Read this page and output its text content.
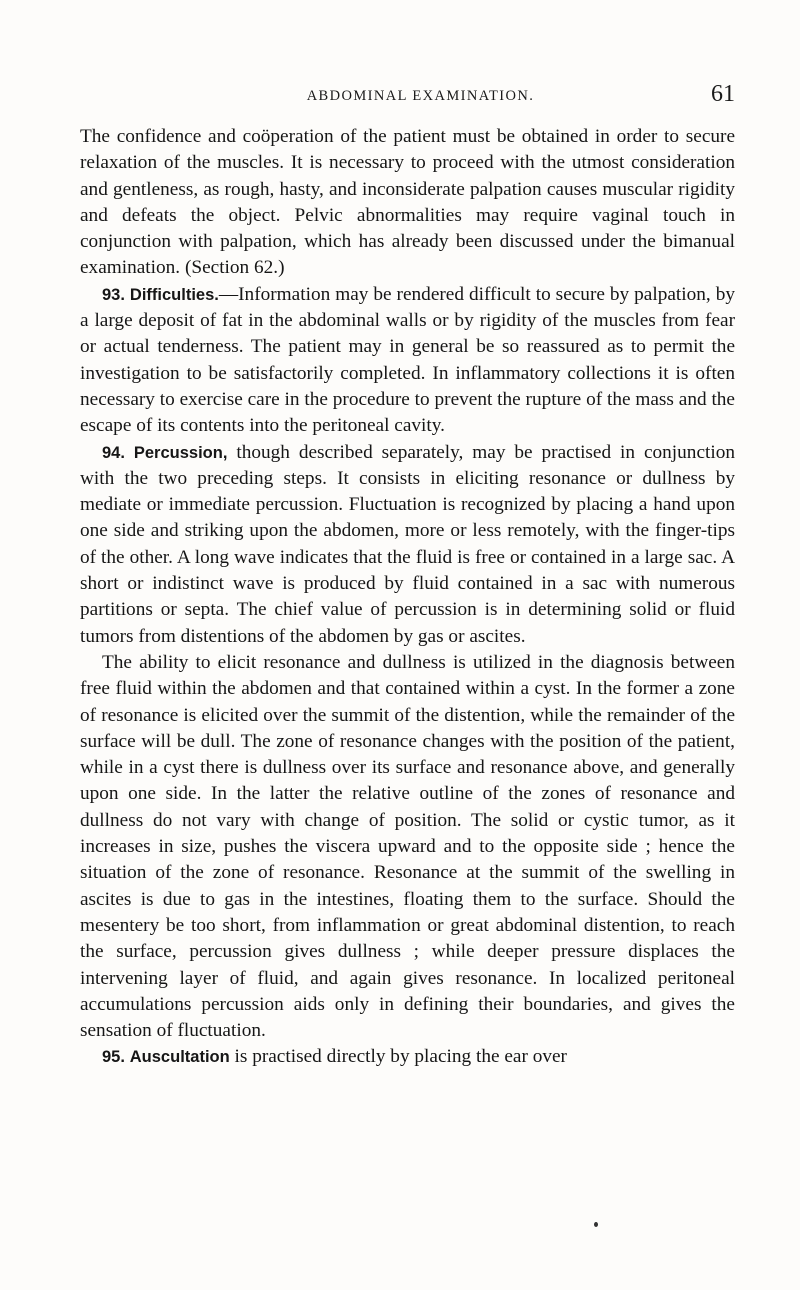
ABDOMINAL EXAMINATION.	61

The confidence and coöperation of the patient must be obtained in order to secure relaxation of the muscles. It is necessary to proceed with the utmost consideration and gentleness, as rough, hasty, and inconsiderate palpation causes muscular rigidity and defeats the object. Pelvic abnormalities may require vaginal touch in conjunction with palpation, which has already been discussed under the bimanual examination. (Section 62.)

93. Difficulties.—Information may be rendered difficult to secure by palpation, by a large deposit of fat in the abdominal walls or by rigidity of the muscles from fear or actual tenderness. The patient may in general be so reassured as to permit the investigation to be satisfactorily completed. In inflammatory collections it is often necessary to exercise care in the procedure to prevent the rupture of the mass and the escape of its contents into the peritoneal cavity.

94. Percussion, though described separately, may be practised in conjunction with the two preceding steps. It consists in eliciting resonance or dullness by mediate or immediate percussion. Fluctuation is recognized by placing a hand upon one side and striking upon the abdomen, more or less remotely, with the finger-tips of the other. A long wave indicates that the fluid is free or contained in a large sac. A short or indistinct wave is produced by fluid contained in a sac with numerous partitions or septa. The chief value of percussion is in determining solid or fluid tumors from distentions of the abdomen by gas or ascites.

The ability to elicit resonance and dullness is utilized in the diagnosis between free fluid within the abdomen and that contained within a cyst. In the former a zone of resonance is elicited over the summit of the distention, while the remainder of the surface will be dull. The zone of resonance changes with the position of the patient, while in a cyst there is dullness over its surface and resonance above, and generally upon one side. In the latter the relative outline of the zones of resonance and dullness do not vary with change of position. The solid or cystic tumor, as it increases in size, pushes the viscera upward and to the opposite side ; hence the situation of the zone of resonance. Resonance at the summit of the swelling in ascites is due to gas in the intestines, floating them to the surface. Should the mesentery be too short, from inflammation or great abdominal distention, to reach the surface, percussion gives dullness ; while deeper pressure displaces the intervening layer of fluid, and again gives resonance. In localized peritoneal accumulations percussion aids only in defining their boundaries, and gives the sensation of fluctuation.

95. Auscultation is practised directly by placing the ear over
